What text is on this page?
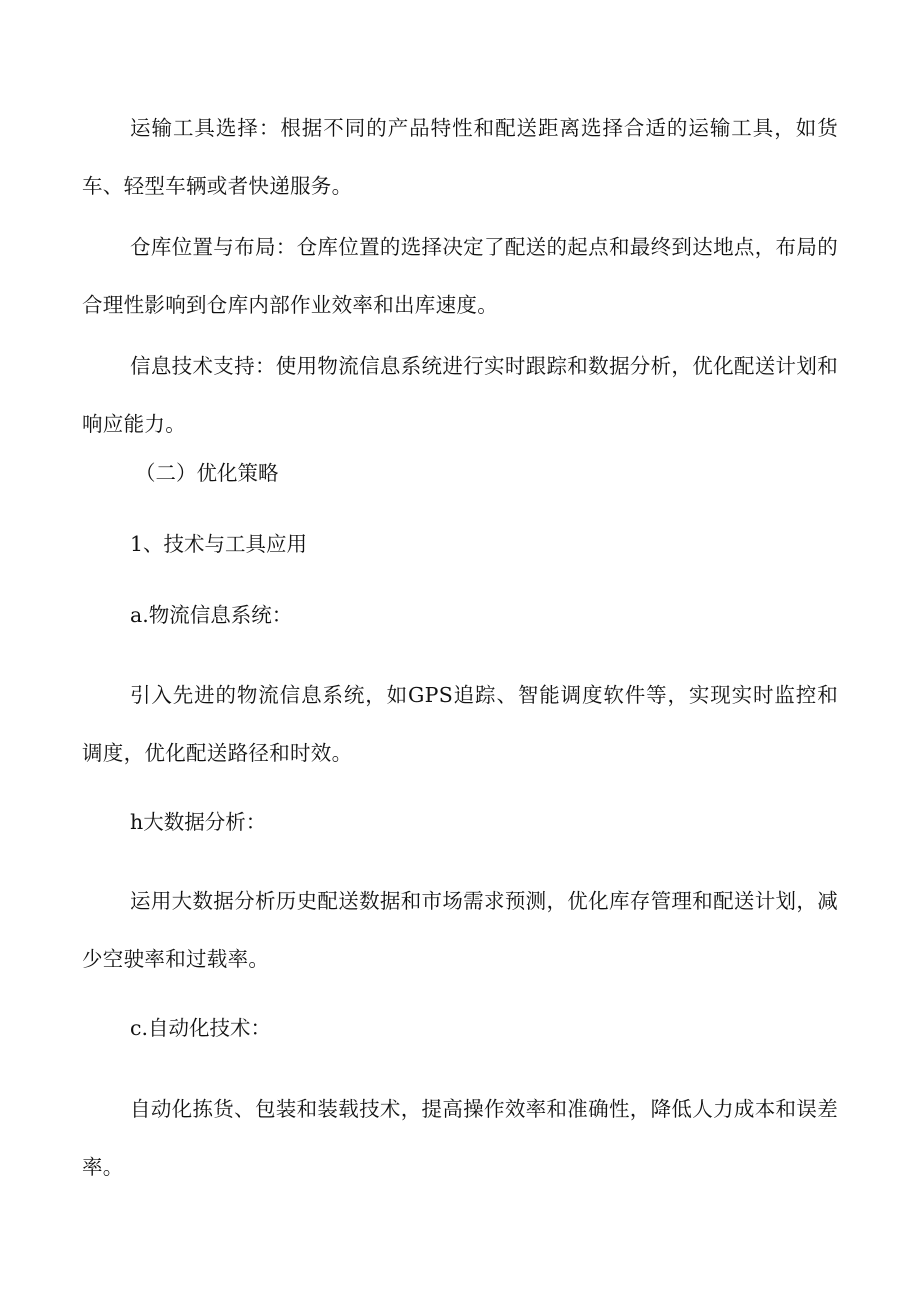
运输工具选择：根据不同的产品特性和配送距离选择合适的运输工具，如货车、轻型车辆或者快递服务。

仓库位置与布局：仓库位置的选择决定了配送的起点和最终到达地点，布局的合理性影响到仓库内部作业效率和出库速度。

信息技术支持：使用物流信息系统进行实时跟踪和数据分析，优化配送计划和响应能力。

（二）优化策略
1、技术与工具应用
a.物流信息系统：

引入先进的物流信息系统，如GPS追踪、智能调度软件等，实现实时监控和调度，优化配送路径和时效。

h大数据分析：

运用大数据分析历史配送数据和市场需求预测，优化库存管理和配送计划，减少空驶率和过载率。

c.自动化技术：

自动化拣货、包装和装载技术，提高操作效率和准确性，降低人力成本和误差率。
